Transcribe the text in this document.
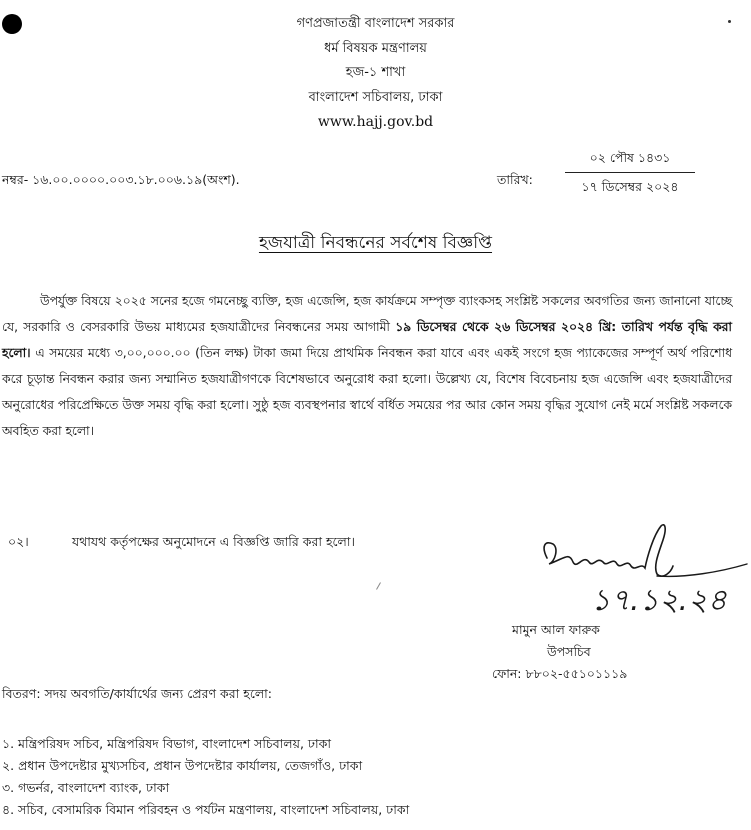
গণপ্রজাতন্ত্রী বাংলাদেশ সরকার
ধর্ম বিষয়ক মন্ত্রণালয়
হজ-১ শাখা
বাংলাদেশ সচিবালয়, ঢাকা
www.hajj.gov.bd
নম্বর- ১৬.০০.০০০০.০০৩.১৮.০০৬.১৯(অংশ).	তারিখ:
০২ পৌষ ১৪৩১
১৭ ডিসেম্বর ২০২৪
হজযাত্রী নিবন্ধনের সর্বশেষ বিজ্ঞপ্তি
উপর্যুক্ত বিষয়ে ২০২৫ সনের হজে গমনেচ্ছু ব্যক্তি, হজ এজেন্সি, হজ কার্যক্রমে সম্পৃক্ত ব্যাংকসহ সংশ্লিষ্ট সকলের অবগতির জন্য জানানো যাচ্ছে যে, সরকারি ও বেসরকারি উভয় মাধ্যমের হজযাত্রীদের নিবন্ধনের সময় আগামী ১৯ ডিসেম্বর থেকে ২৬ ডিসেম্বর ২০২৪ খ্রি: তারিখ পর্যন্ত বৃদ্ধি করা হলো। এ সময়ের মধ্যে ৩,০০,০০০.০০ (তিন লক্ষ) টাকা জমা দিয়ে প্রাথমিক নিবন্ধন করা যাবে এবং একই সংগে হজ প্যাকেজের সম্পূর্ণ অর্থ পরিশোধ করে চূড়ান্ত নিবন্ধন করার জন্য সম্মানিত হজযাত্রীগণকে বিশেষভাবে অনুরোধ করা হলো। উল্লেখ্য যে, বিশেষ বিবেচনায় হজ এজেন্সি এবং হজযাত্রীদের অনুরোধের পরিপ্রেক্ষিতে উক্ত সময় বৃদ্ধি করা হলো। সুষ্ঠু হজ ব্যবস্থপনার স্বার্থে বর্ধিত সময়ের পর আর কোন সময় বৃদ্ধির সুযোগ নেই মর্মে সংশ্লিষ্ট সকলকে অবহিত করা হলো।
০২।	যথাযথ কর্তৃপক্ষের অনুমোদনে এ বিজ্ঞপ্তি জারি করা হলো।
১৭.১২.২৪
মামুন আল ফারুক
উপসচিব
ফোন: ৮৮০২-৫৫১০১১১৯
বিতরণ: সদয় অবগতি/কার্যার্থের জন্য প্রেরণ করা হলো:
১. মন্ত্রিপরিষদ সচিব, মন্ত্রিপরিষদ বিভাগ, বাংলাদেশ সচিবালয়, ঢাকা
২. প্রধান উপদেষ্টার মুখ্যসচিব, প্রধান উপদেষ্টার কার্যালয়, তেজগাঁও, ঢাকা
৩. গভর্নর, বাংলাদেশ ব্যাংক, ঢাকা
৪. সচিব, বেসামরিক বিমান পরিবহন ও পর্যটন মন্ত্রণালয়, বাংলাদেশ সচিবালয়, ঢাকা
